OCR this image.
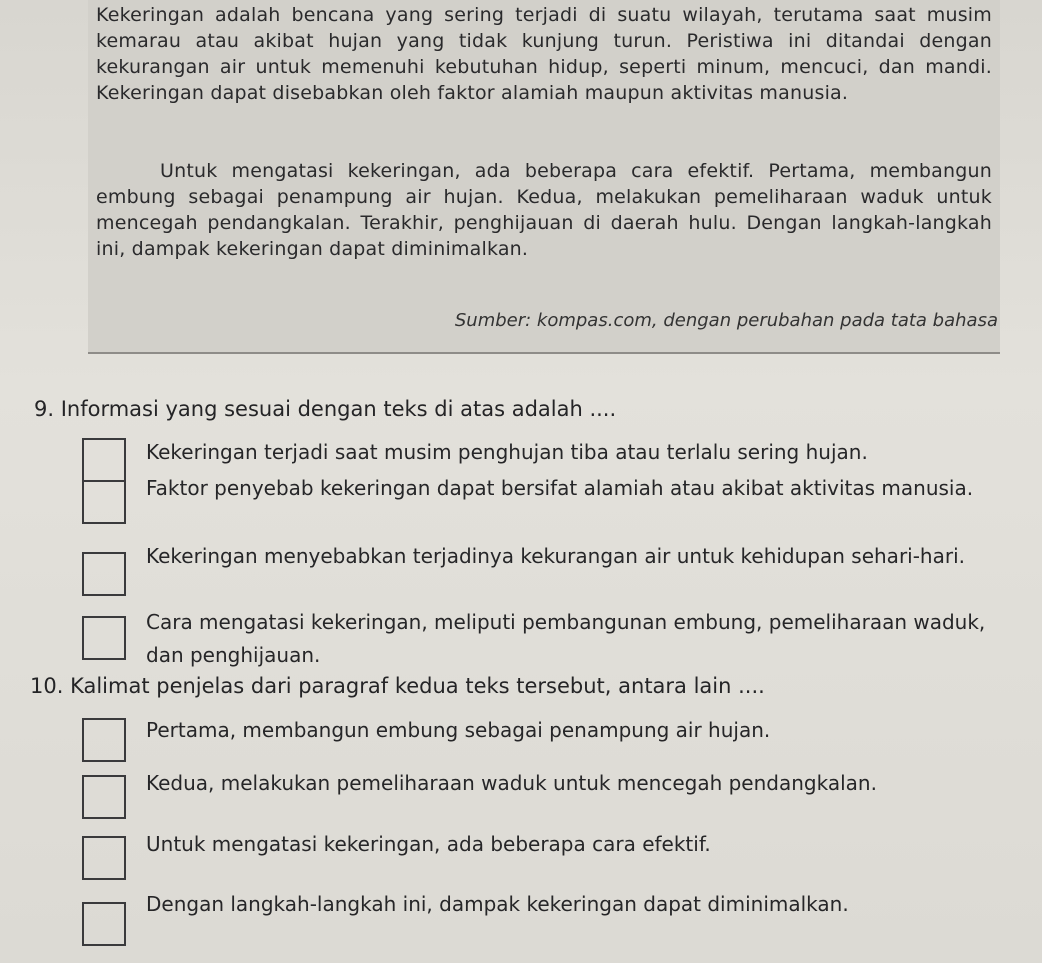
Kekeringan adalah bencana yang sering terjadi di suatu wilayah, terutama saat musim kemarau atau akibat hujan yang tidak kunjung turun. Peristiwa ini ditandai dengan kekurangan air untuk memenuhi kebutuhan hidup, seperti minum, mencuci, dan mandi. Kekeringan dapat disebabkan oleh faktor alamiah maupun aktivitas manusia.

Untuk mengatasi kekeringan, ada beberapa cara efektif. Pertama, membangun embung sebagai penampung air hujan. Kedua, melakukan pemeliharaan waduk untuk mencegah pendangkalan. Terakhir, penghijauan di daerah hulu. Dengan langkah-langkah ini, dampak kekeringan dapat diminimalkan.

Sumber: kompas.com, dengan perubahan pada tata bahasa

9. Informasi yang sesuai dengan teks di atas adalah ....
Kekeringan terjadi saat musim penghujan tiba atau terlalu sering hujan.
Faktor penyebab kekeringan dapat bersifat alamiah atau akibat aktivitas manusia.
Kekeringan menyebabkan terjadinya kekurangan air untuk kehidupan sehari-hari.
Cara mengatasi kekeringan, meliputi pembangunan embung, pemeliharaan waduk, dan penghijauan.
10. Kalimat penjelas dari paragraf kedua teks tersebut, antara lain ....
Pertama, membangun embung sebagai penampung air hujan.
Kedua, melakukan pemeliharaan waduk untuk mencegah pendangkalan.
Untuk mengatasi kekeringan, ada beberapa cara efektif.
Dengan langkah-langkah ini, dampak kekeringan dapat diminimalkan.
